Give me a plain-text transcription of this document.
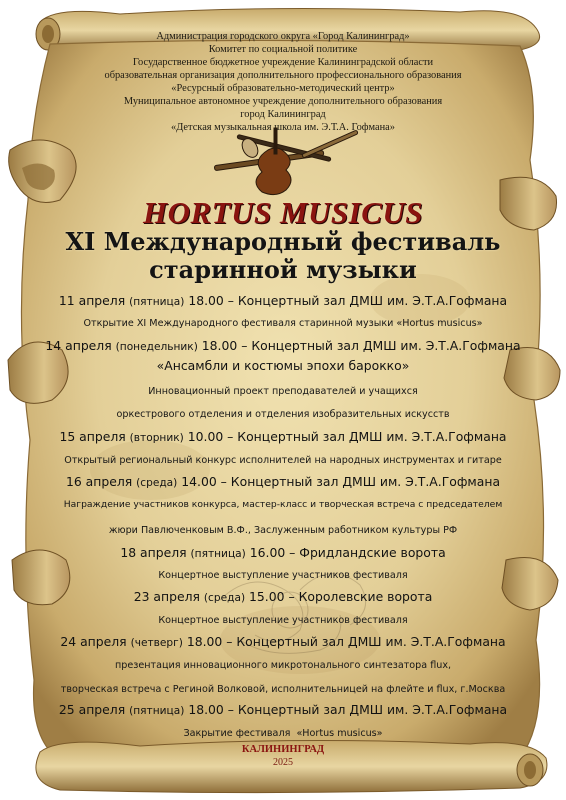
Администрация городского округа «Город Калининград»
Комитет по социальной политике
Государственное бюджетное учреждение Калининградской области
образовательная организация дополнительного профессионального образования
«Ресурсный образовательно-методический центр»
Муниципальное автономное учреждение дополнительного образования
город Калининград
«Детская музыкальная школа им. Э.Т.А. Гофмана»
HORTUS MUSICUS
XI Международный фестиваль
старинной музыки
11 апреля (пятница) 18.00 – Концертный зал ДМШ им. Э.Т.А.Гофмана
Открытие XI Международного фестиваля старинной музыки «Hortus musicus»
14 апреля (понедельник) 18.00 – Концертный зал ДМШ им. Э.Т.А.Гофмана
«Ансамбли и костюмы эпохи барокко»
Инновационный проект преподавателей и учащихся
оркестрового отделения и отделения изобразительных искусств
15 апреля (вторник) 10.00 – Концертный зал ДМШ им. Э.Т.А.Гофмана
Открытый региональный конкурс исполнителей на народных инструментах и гитаре
16 апреля (среда) 14.00 – Концертный зал ДМШ им. Э.Т.А.Гофмана
Награждение участников конкурса, мастер-класс и творческая встреча с председателем
жюри Павлюченковым В.Ф., Заслуженным работником культуры РФ
18 апреля (пятница) 16.00 – Фридландские ворота
Концертное выступление участников фестиваля
23 апреля (среда) 15.00 – Королевские ворота
Концертное выступление участников фестиваля
24 апреля (четверг) 18.00 – Концертный зал ДМШ им. Э.Т.А.Гофмана
презентация инновационного микротонального синтезатора flux,
творческая встреча с Региной Волковой, исполнительницей на флейте и flux, г.Москва
25 апреля (пятница) 18.00 – Концертный зал ДМШ им. Э.Т.А.Гофмана
Закрытие фестиваля  «Hortus musicus»
КАЛИНИНГРАД
2025
